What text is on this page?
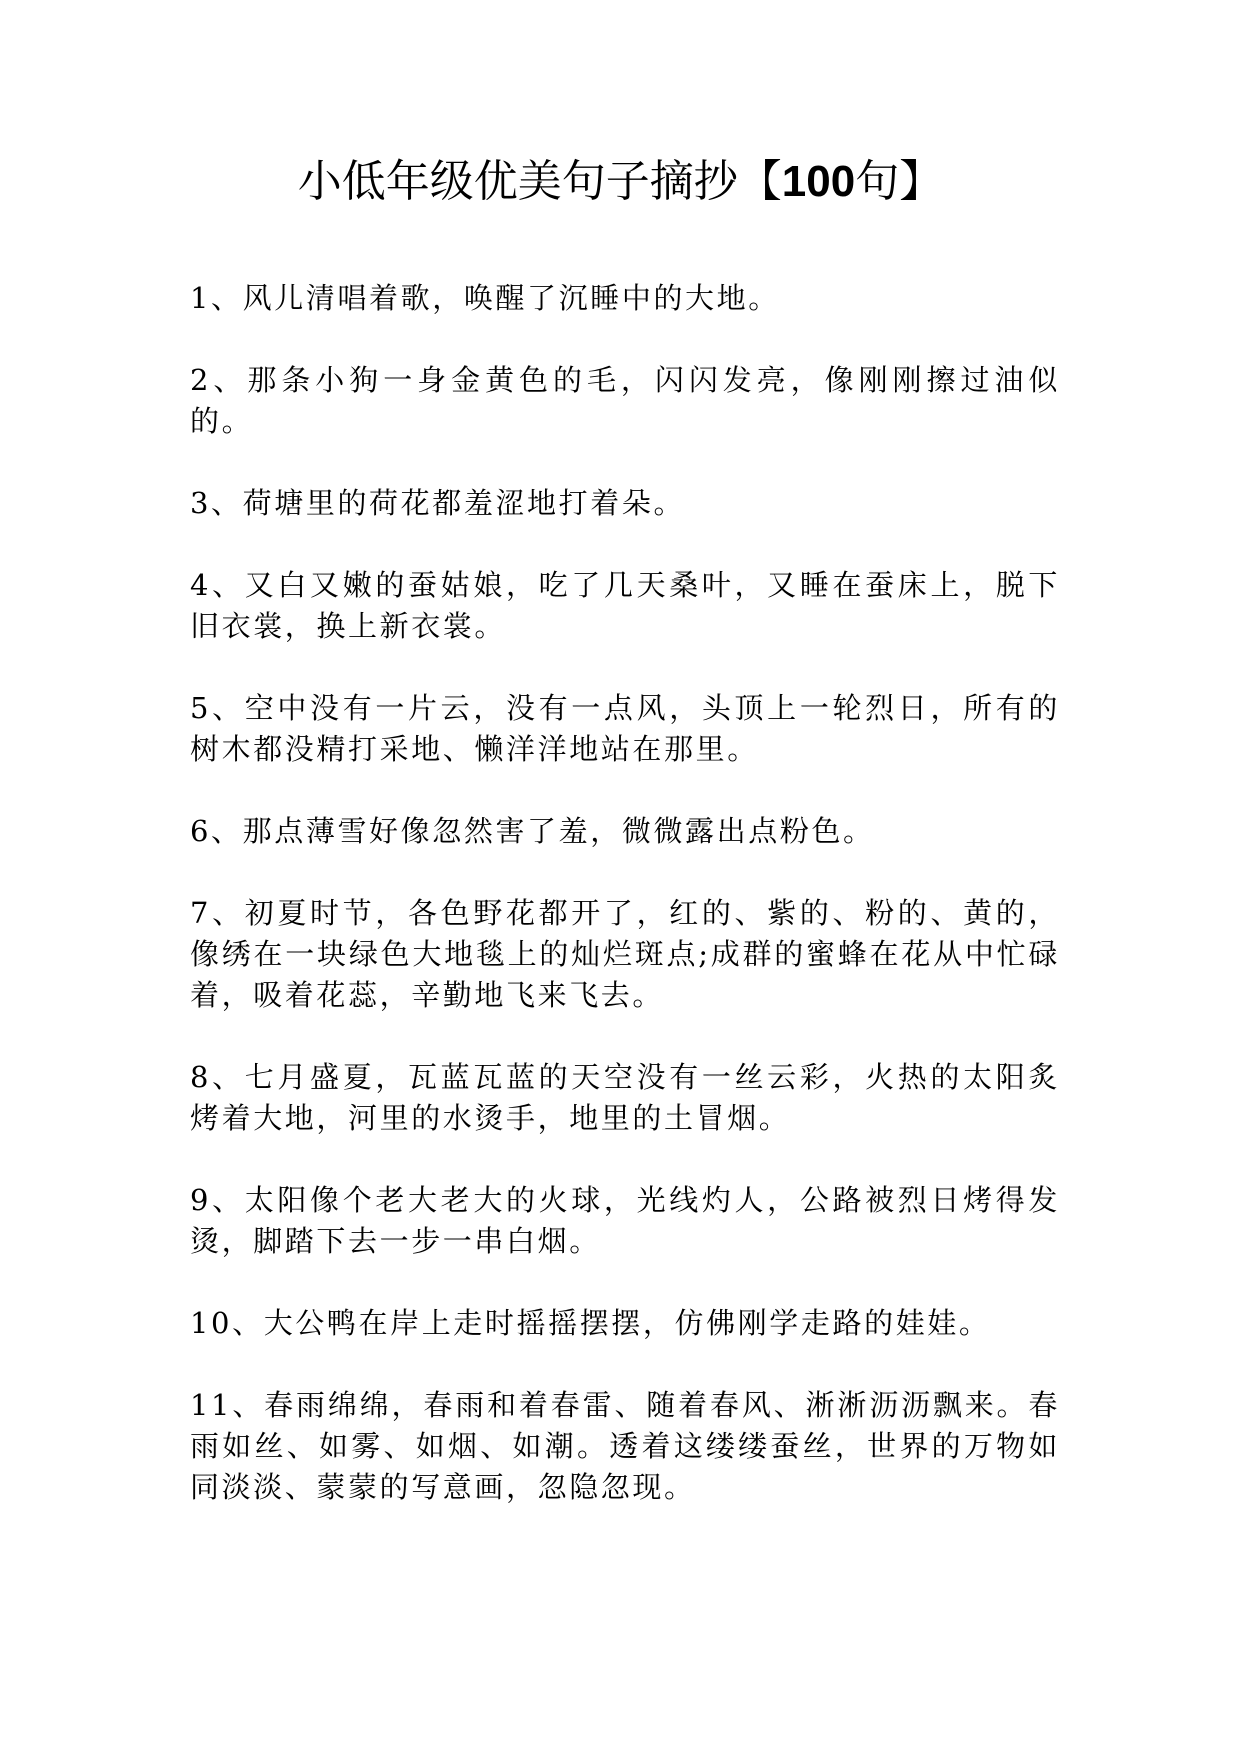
小低年级优美句子摘抄【100句】

1、风儿清唱着歌，唤醒了沉睡中的大地。

2、那条小狗一身金黄色的毛，闪闪发亮，像刚刚擦过油似的。

3、荷塘里的荷花都羞涩地打着朵。

4、又白又嫩的蚕姑娘，吃了几天桑叶，又睡在蚕床上，脱下旧衣裳，换上新衣裳。

5、空中没有一片云，没有一点风，头顶上一轮烈日，所有的树木都没精打采地、懒洋洋地站在那里。

6、那点薄雪好像忽然害了羞，微微露出点粉色。

7、初夏时节，各色野花都开了，红的、紫的、粉的、黄的，像绣在一块绿色大地毯上的灿烂斑点;成群的蜜蜂在花从中忙碌着，吸着花蕊，辛勤地飞来飞去。

8、七月盛夏，瓦蓝瓦蓝的天空没有一丝云彩，火热的太阳炙烤着大地，河里的水烫手，地里的土冒烟。

9、太阳像个老大老大的火球，光线灼人，公路被烈日烤得发烫，脚踏下去一步一串白烟。

10、大公鸭在岸上走时摇摇摆摆，仿佛刚学走路的娃娃。

11、春雨绵绵，春雨和着春雷、随着春风、淅淅沥沥飘来。春雨如丝、如雾、如烟、如潮。透着这缕缕蚕丝，世界的万物如同淡淡、蒙蒙的写意画，忽隐忽现。
